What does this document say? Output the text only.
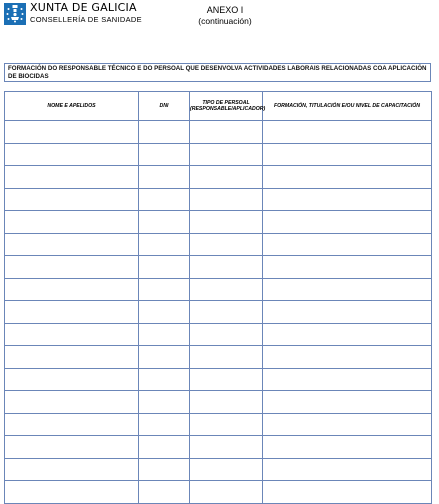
XUNTA DE GALICIA
CONSELLERÍA DE SANIDADE
ANEXO I
(continuación)
FORMACIÓN DO RESPONSABLE TÉCNICO E DO PERSOAL QUE DESENVOLVA ACTIVIDADES LABORAIS RELACIONADAS COA APLICACIÓN DE BIOCIDAS
NOME E APELIDOS	DNI	TIPO DE PERSOAL (RESPONSABLE/APLICADOR)	FORMACIÓN, TITULACIÓN E/OU NIVEL DE CAPACITACIÓN
